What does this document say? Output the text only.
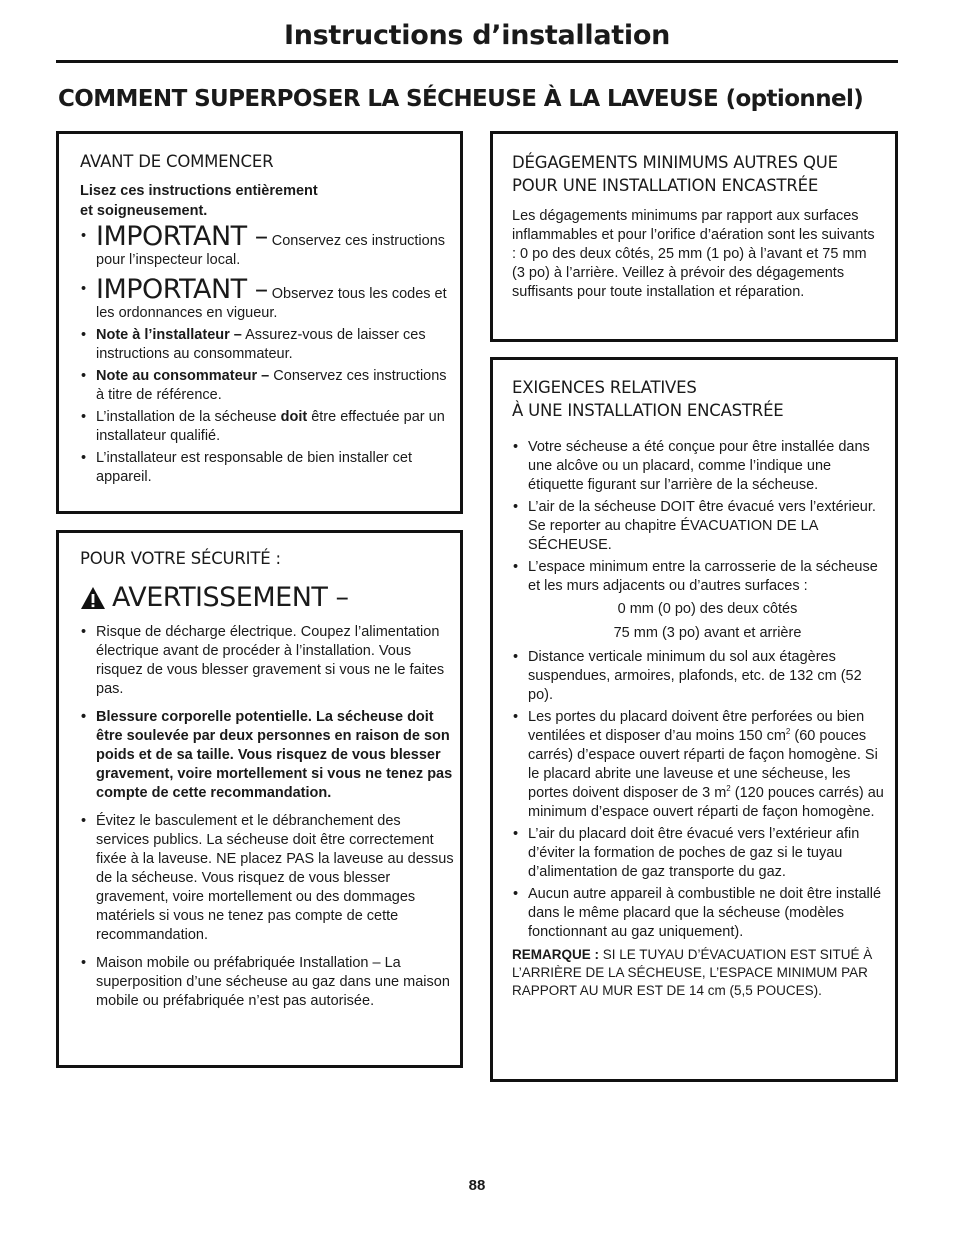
Instructions d’installation
COMMENT SUPERPOSER LA SÉCHEUSE À LA LAVEUSE (optionnel)
AVANT DE COMMENCER
Lisez ces instructions entièrement
et soigneusement.
• IMPORTANT – Conservez ces instructions pour l’inspecteur local.
• IMPORTANT – Observez tous les codes et les ordonnances en vigueur.
• Note à l’installateur – Assurez-vous de laisser ces instructions au consommateur.
• Note au consommateur – Conservez ces instructions à titre de référence.
• L’installation de la sécheuse doit être effectuée par un installateur qualifié.
• L’installateur est responsable de bien installer cet appareil.
POUR VOTRE SÉCURITÉ :
AVERTISSEMENT –
• Risque de décharge électrique. Coupez l’alimentation électrique avant de procéder à l’installation. Vous risquez de vous blesser gravement si vous ne le faites pas.
• Blessure corporelle potentielle. La sécheuse doit être soulevée par deux personnes en raison de son poids et de sa taille. Vous risquez de vous blesser gravement, voire mortellement si vous ne tenez pas compte de cette recommandation.
• Évitez le basculement et le débranchement des services publics. La sécheuse doit être correctement fixée à la laveuse. NE placez PAS la laveuse au dessus de la sécheuse. Vous risquez de vous blesser gravement, voire mortellement ou des dommages matériels si vous ne tenez pas compte de cette recommandation.
• Maison mobile ou préfabriquée Installation – La superposition d’une sécheuse au gaz dans une maison mobile ou préfabriquée n’est pas autorisée.
DÉGAGEMENTS MINIMUMS AUTRES QUE POUR UNE INSTALLATION ENCASTRÉE
Les dégagements minimums par rapport aux surfaces inflammables et pour l’orifice d’aération sont les suivants : 0 po des deux côtés, 25 mm (1 po) à l’avant et 75 mm (3 po) à l’arrière. Veillez à prévoir des dégagements suffisants pour toute installation et réparation.
EXIGENCES RELATIVES
À UNE INSTALLATION ENCASTRÉE
• Votre sécheuse a été conçue pour être installée dans une alcôve ou un placard, comme l’indique une étiquette figurant sur l’arrière de la sécheuse.
• L’air de la sécheuse DOIT être évacué vers l’extérieur. Se reporter au chapitre ÉVACUATION DE LA SÉCHEUSE.
• L’espace minimum entre la carrosserie de la sécheuse et les murs adjacents ou d’autres surfaces :
0 mm (0 po) des deux côtés
75 mm (3 po) avant et arrière
• Distance verticale minimum du sol aux étagères suspendues, armoires, plafonds, etc. de 132 cm (52 po).
• Les portes du placard doivent être perforées ou bien ventilées et disposer d’au moins 150 $cm^2$ (60 pouces carrés) d’espace ouvert réparti de façon homogène. Si le placard abrite une laveuse et une sécheuse, les portes doivent disposer de 3 $m^2$ (120 pouces carrés) au minimum d’espace ouvert réparti de façon homogène.
• L’air du placard doit être évacué vers l’extérieur afin d’éviter la formation de poches de gaz si le tuyau d’alimentation de gaz transporte du gaz.
• Aucun autre appareil à combustible ne doit être installé dans le même placard que la sécheuse (modèles fonctionnant au gaz uniquement).
REMARQUE : SI LE TUYAU D’ÉVACUATION EST SITUÉ À L’ARRIÈRE DE LA SÉCHEUSE, L’ESPACE MINIMUM PAR RAPPORT AU MUR EST DE 14 cm (5,5 POUCES).
88
